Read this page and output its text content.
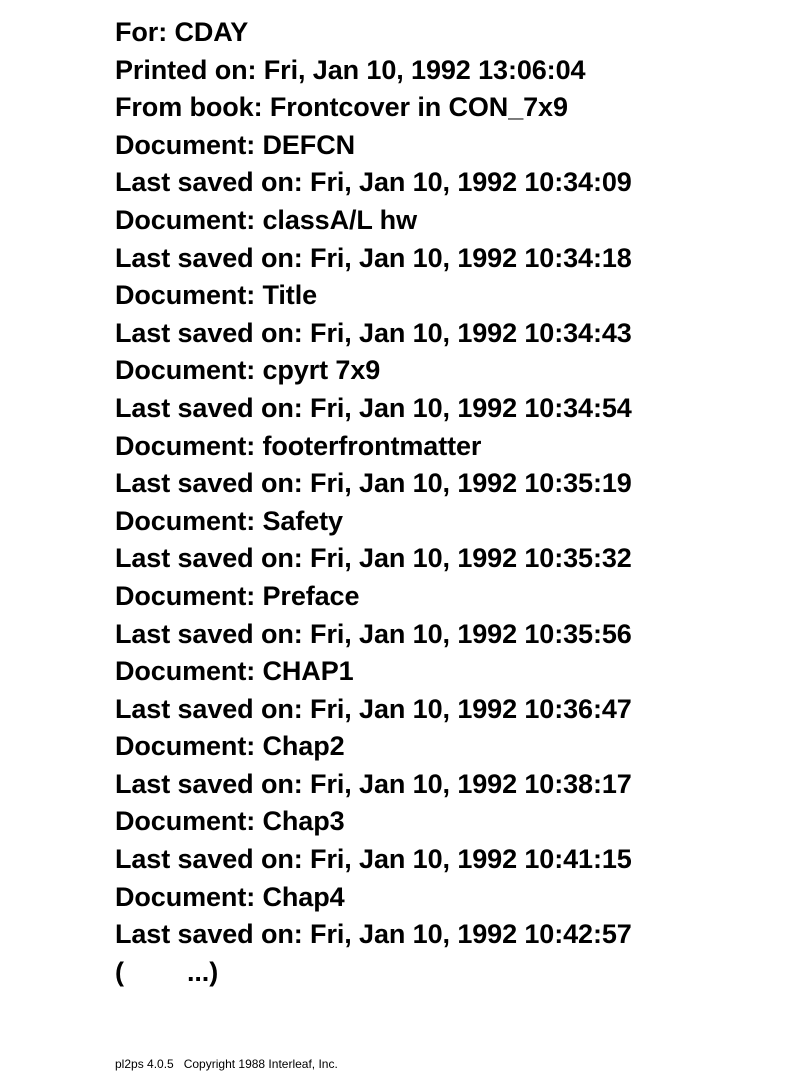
For: CDAY
Printed on: Fri, Jan 10, 1992 13:06:04
From book: Frontcover in CON_7x9
Document: DEFCN
Last saved on: Fri, Jan 10, 1992 10:34:09
Document: classA/L hw
Last saved on: Fri, Jan 10, 1992 10:34:18
Document: Title
Last saved on: Fri, Jan 10, 1992 10:34:43
Document: cpyrt 7x9
Last saved on: Fri, Jan 10, 1992 10:34:54
Document: footerfrontmatter
Last saved on: Fri, Jan 10, 1992 10:35:19
Document: Safety
Last saved on: Fri, Jan 10, 1992 10:35:32
Document: Preface
Last saved on: Fri, Jan 10, 1992 10:35:56
Document: CHAP1
Last saved on: Fri, Jan 10, 1992 10:36:47
Document: Chap2
Last saved on: Fri, Jan 10, 1992 10:38:17
Document: Chap3
Last saved on: Fri, Jan 10, 1992 10:41:15
Document: Chap4
Last saved on: Fri, Jan 10, 1992 10:42:57
(	...)
pl2ps 4.0.5   Copyright 1988 Interleaf, Inc.
